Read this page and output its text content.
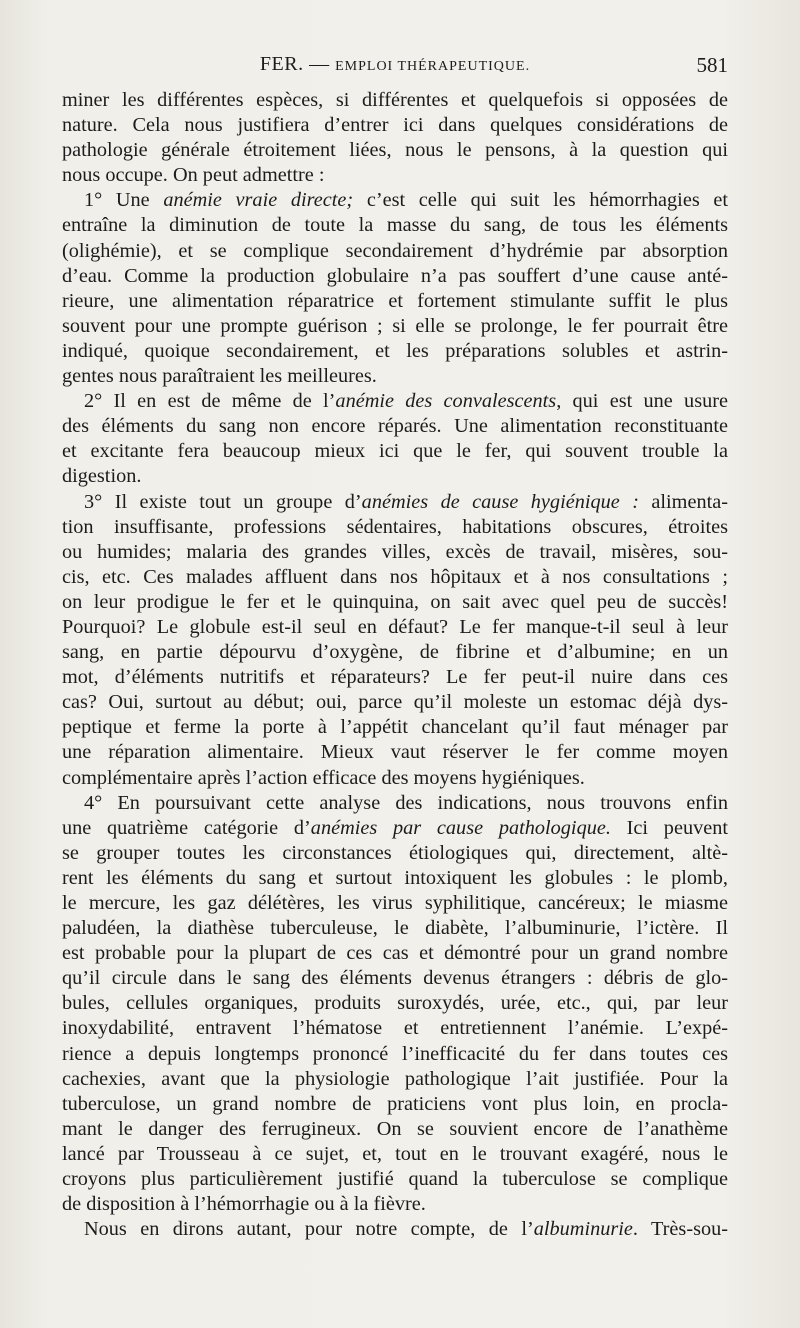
FER. — EMPLOI THÉRAPEUTIQUE.	581
miner les différentes espèces, si différentes et quelquefois si opposées de
nature. Cela nous justifiera d’entrer ici dans quelques considérations de
pathologie générale étroitement liées, nous le pensons, à la question qui
nous occupe. On peut admettre :
1° Une anémie vraie directe; c’est celle qui suit les hémorrhagies et
entraîne la diminution de toute la masse du sang, de tous les éléments
(olighémie), et se complique secondairement d’hydrémie par absorption
d’eau. Comme la production globulaire n’a pas souffert d’une cause anté-
rieure, une alimentation réparatrice et fortement stimulante suffit le plus
souvent pour une prompte guérison ; si elle se prolonge, le fer pourrait être
indiqué, quoique secondairement, et les préparations solubles et astrin-
gentes nous paraîtraient les meilleures.
2° Il en est de même de l’anémie des convalescents, qui est une usure
des éléments du sang non encore réparés. Une alimentation reconstituante
et excitante fera beaucoup mieux ici que le fer, qui souvent trouble la
digestion.
3° Il existe tout un groupe d’anémies de cause hygiénique : alimenta-
tion insuffisante, professions sédentaires, habitations obscures, étroites
ou humides; malaria des grandes villes, excès de travail, misères, sou-
cis, etc. Ces malades affluent dans nos hôpitaux et à nos consultations ;
on leur prodigue le fer et le quinquina, on sait avec quel peu de succès!
Pourquoi? Le globule est-il seul en défaut? Le fer manque-t-il seul à leur
sang, en partie dépourvu d’oxygène, de fibrine et d’albumine; en un
mot, d’éléments nutritifs et réparateurs? Le fer peut-il nuire dans ces
cas? Oui, surtout au début; oui, parce qu’il moleste un estomac déjà dys-
peptique et ferme la porte à l’appétit chancelant qu’il faut ménager par
une réparation alimentaire. Mieux vaut réserver le fer comme moyen
complémentaire après l’action efficace des moyens hygiéniques.
4° En poursuivant cette analyse des indications, nous trouvons enfin
une quatrième catégorie d’anémies par cause pathologique. Ici peuvent
se grouper toutes les circonstances étiologiques qui, directement, altè-
rent les éléments du sang et surtout intoxiquent les globules : le plomb,
le mercure, les gaz délétères, les virus syphilitique, cancéreux; le miasme
paludéen, la diathèse tuberculeuse, le diabète, l’albuminurie, l’ictère. Il
est probable pour la plupart de ces cas et démontré pour un grand nombre
qu’il circule dans le sang des éléments devenus étrangers : débris de glo-
bules, cellules organiques, produits suroxydés, urée, etc., qui, par leur
inoxydabilité, entravent l’hématose et entretiennent l’anémie. L’expé-
rience a depuis longtemps prononcé l’inefficacité du fer dans toutes ces
cachexies, avant que la physiologie pathologique l’ait justifiée. Pour la
tuberculose, un grand nombre de praticiens vont plus loin, en procla-
mant le danger des ferrugineux. On se souvient encore de l’anathème
lancé par Trousseau à ce sujet, et, tout en le trouvant exagéré, nous le
croyons plus particulièrement justifié quand la tuberculose se complique
de disposition à l’hémorrhagie ou à la fièvre.
Nous en dirons autant, pour notre compte, de l’albuminurie. Très-sou-
